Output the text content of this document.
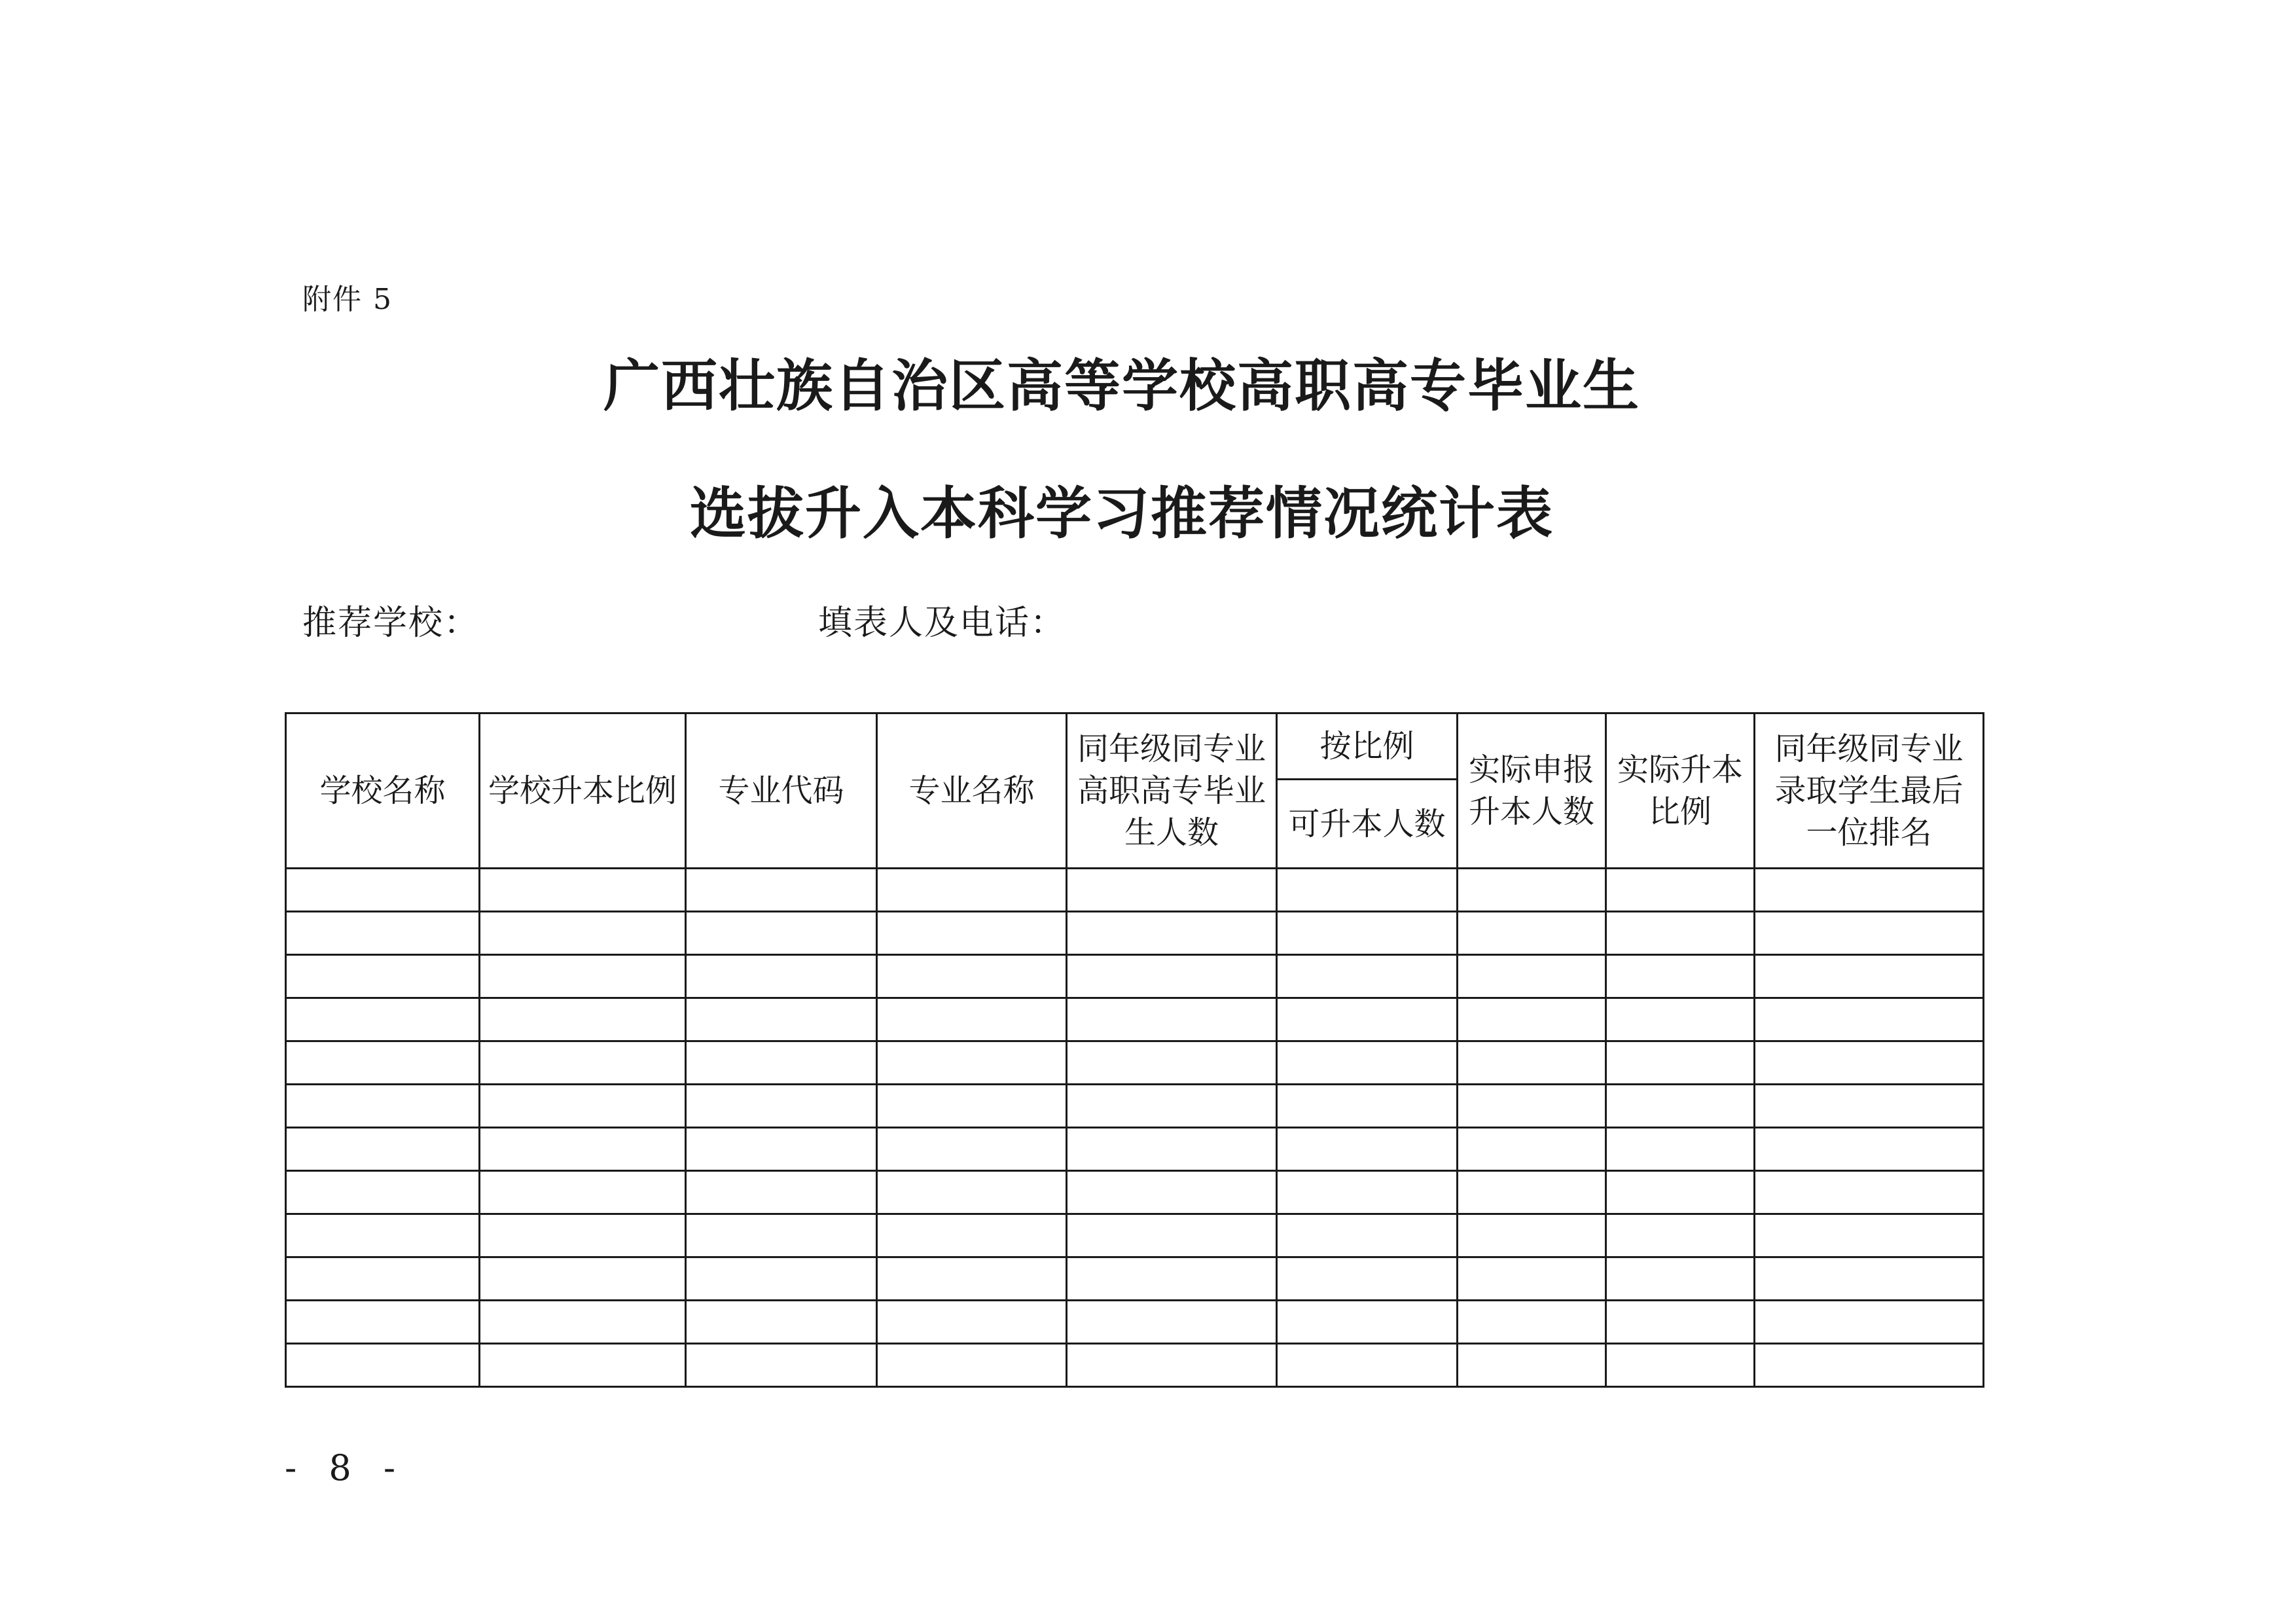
附件 5
广西壮族自治区高等学校高职高专毕业生
选拔升入本科学习推荐情况统计表
推荐学校：	填表人及电话：
学校名称	学校升本比例	专业代码	专业名称	同年级同专业高职高专毕业生人数	按比例	实际申报升本人数	实际升本比例	同年级同专业录取学生最后一位排名
					可升本人数			

- 8 -
